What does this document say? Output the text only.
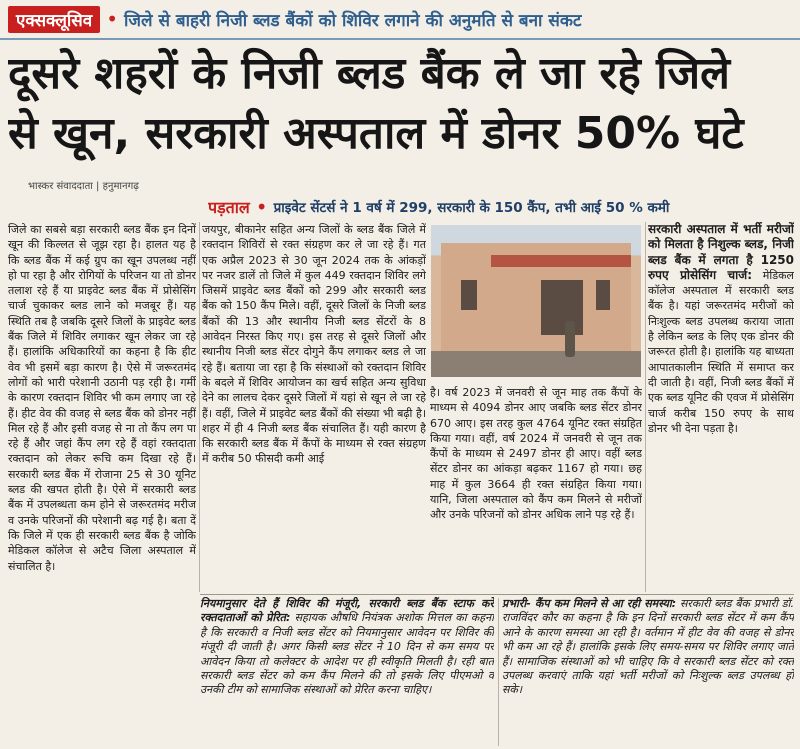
एक्सक्लूसिव • जिले से बाहरी निजी ब्लड बैंकों को शिविर लगाने की अनुमति से बना संकट
दूसरे शहरों के निजी ब्लड बैंक ले जा रहे जिले
से खून, सरकारी अस्पताल में डोनर 50% घटे
भास्कर संवाददाता | हनुमानगढ़
पड़ताल • प्राइवेट सेंटर्स ने 1 वर्ष में 299, सरकारी के 150 कैंप, तभी आई 50 % कमी
जिले का सबसे बड़ा सरकारी ब्लड बैंक इन दिनों खून की किल्लत से जूझ रहा है। हालत यह है कि ब्लड बैंक में कई ग्रुप का खून उपलब्ध नहीं हो पा रहा है और रोगियों के परिजन या तो डोनर तलाश रहे हैं या प्राइवेट ब्लड बैंक में प्रोसेसिंग चार्ज चुकाकर ब्लड लाने को मजबूर हैं। यह स्थिति तब है जबकि दूसरे जिलों के प्राइवेट ब्लड बैंक जिले में शिविर लगाकर खून लेकर जा रहे हैं। हालांकि अधिकारियों का कहना है कि हीट वेव भी इसमें बड़ा कारण है। ऐसे में जरूरतमंद लोगों को भारी परेशानी उठानी पड़ रही है। गर्मी के कारण रक्तदान शिविर भी कम लगाए जा रहे हैं। हीट वेव की वजह से ब्लड बैंक को डोनर नहीं मिल रहे हैं और इसी वजह से ना तो कैंप लग पा रहे हैं और जहां कैंप लग रहे हैं वहां रक्तदाता रक्तदान को लेकर रूचि कम दिखा रहे हैं। सरकारी ब्लड बैंक में रोजाना 25 से 30 यूनिट ब्लड की खपत होती है। ऐसे में सरकारी ब्लड बैंक में उपलब्धता कम होने से जरूरतमंद मरीज व उनके परिजनों की परेशानी बढ़ गई है। बता दें कि जिले में एक ही सरकारी ब्लड बैंक है जोकि मेडिकल कॉलेज से अटैच जिला अस्पताल में संचालित है।
जयपुर, बीकानेर सहित अन्य जिलों के ब्लड बैंक जिले में रक्तदान शिविरों से रक्त संग्रहण कर ले जा रहे हैं। गत एक अप्रैल 2023 से 30 जून 2024 तक के आंकड़ों पर नजर डालें तो जिले में कुल 449 रक्तदान शिविर लगे जिसमें प्राइवेट ब्लड बैंकों को 299 और सरकारी ब्लड बैंक को 150 कैंप मिले। वहीं, दूसरे जिलों के निजी ब्लड बैंकों की 13 और स्थानीय निजी ब्लड सेंटरों के 8 आवेदन निरस्त किए गए। इस तरह से दूसरे जिलों और स्थानीय निजी ब्लड सेंटर दोगुने कैंप लगाकर ब्लड ले जा रहे हैं। बताया जा रहा है कि संस्थाओं को रक्तदान शिविर के बदले में शिविर आयोजन का खर्च सहित अन्य सुविधा देने का लालच देकर दूसरे जिलों में यहां से खून ले जा रहे हैं। वहीं, जिले में प्राइवेट ब्लड बैंकों की संख्या भी बढ़ी है। शहर में ही 4 निजी ब्लड बैंक संचालित हैं। यही कारण है कि सरकारी ब्लड बैंक में कैंपों के माध्यम से रक्त संग्रहण में करीब 50 फीसदी कमी आई
है। वर्ष 2023 में जनवरी से जून माह तक कैंपों के माध्यम से 4094 डोनर आए जबकि ब्लड सेंटर डोनर 670 आए। इस तरह कुल 4764 यूनिट रक्त संग्रहित किया गया। वहीं, वर्ष 2024 में जनवरी से जून तक कैंपों के माध्यम से 2497 डोनर ही आए। वहीं ब्लड सेंटर डोनर का आंकड़ा बढ़कर 1167 हो गया। छह माह में कुल 3664 ही रक्त संग्रहित किया गया। यानि, जिला अस्पताल को कैंप कम मिलने से मरीजों और उनके परिजनों को डोनर अधिक लाने पड़ रहे हैं।
सरकारी अस्पताल में भर्ती मरीजों को मिलता है निशुल्क ब्लड, निजी ब्लड बैंक में लगता है 1250 रुपए प्रोसेसिंग चार्ज: मेडिकल कॉलेज अस्पताल में सरकारी ब्लड बैंक है। यहां जरूरतमंद मरीजों को निःशुल्क ब्लड उपलब्ध कराया जाता है लेकिन ब्लड के लिए एक डोनर की जरूरत होती है। हालांकि यह बाध्यता आपातकालीन स्थिति में समाप्त कर दी जाती है। वहीं, निजी ब्लड बैंकों में एक ब्लड यूनिट की एवज में प्रोसेसिंग चार्ज करीब 150 रुपए के साथ डोनर भी देना पड़ता है।
नियमानुसार देते हैं शिविर की मंजूरी, सरकारी ब्लड बैंक स्टाफ करे रक्तदाताओं को प्रेरित: सहायक औषधि नियंत्रक अशोक मित्तल का कहना है कि सरकारी व निजी ब्लड सेंटर को नियमानुसार आवेदन पर शिविर की मंजूरी दी जाती है। अगर किसी ब्लड सेंटर ने 10 दिन से कम समय पर आवेदन किया तो कलेक्टर के आदेश पर ही स्वीकृति मिलती है। रही बात सरकारी ब्लड सेंटर को कम कैंप मिलने की तो इसके लिए पीएमओ व उनकी टीम को सामाजिक संस्थाओं को प्रेरित करना चाहिए।
प्रभारी- कैंप कम मिलने से आ रही समस्या: सरकारी ब्लड बैंक प्रभारी डॉ. राजविंदर कौर का कहना है कि इन दिनों सरकारी ब्लड सेंटर में कम कैंप आने के कारण समस्या आ रही है। वर्तमान में हीट वेव की वजह से डोनर भी कम आ रहे हैं। हालांकि इसके लिए समय-समय पर शिविर लगाए जाते हैं। सामाजिक संस्थाओं को भी चाहिए कि वे सरकारी ब्लड सेंटर को रक्त उपलब्ध करवाएं ताकि यहां भर्ती मरीजों को निःशुल्क ब्लड उपलब्ध हो सके।
